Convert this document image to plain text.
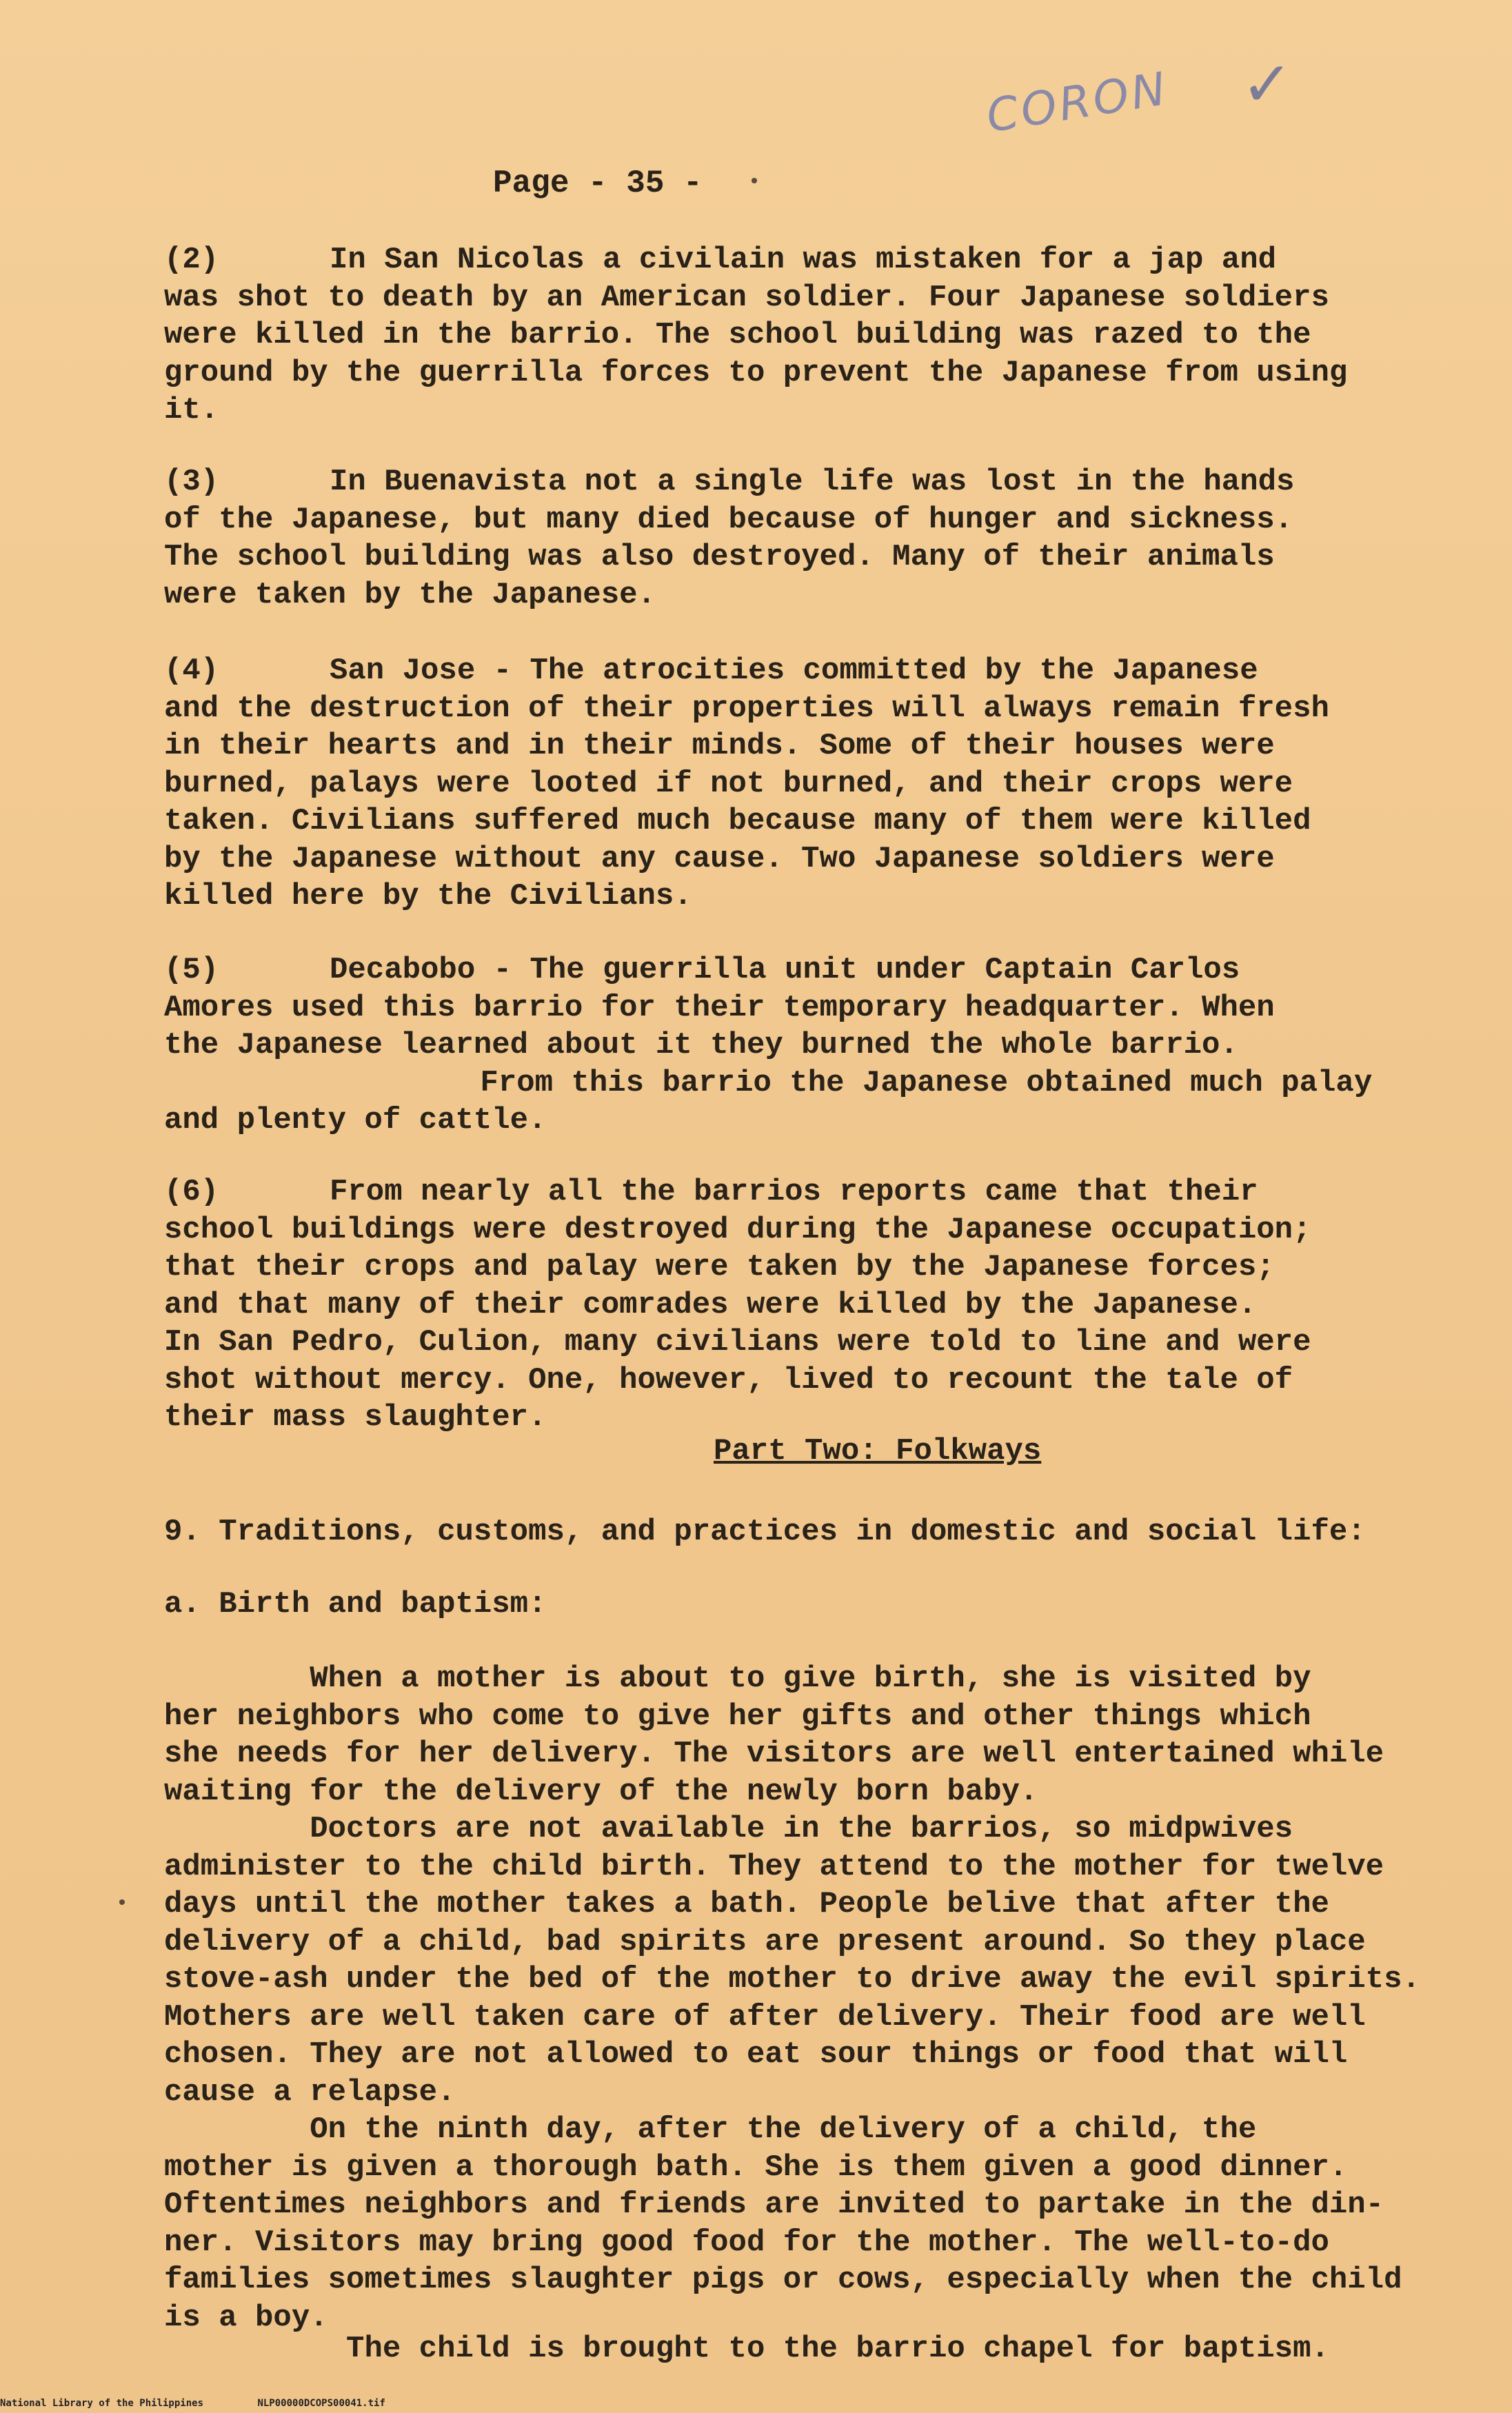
CORON ✓
Page - 35 -
(2)	In San Nicolas a civilain was mistaken for a jap and
was shot to death by an American soldier. Four Japanese soldiers
were killed in the barrio. The school building was razed to the
ground by the guerrilla forces to prevent the Japanese from using
it.
(3)	In Buenavista not a single life was lost in the hands
of the Japanese, but many died because of hunger and sickness.
The school building was also destroyed. Many of their animals
were taken by the Japanese.
(4)	San Jose - The atrocities committed by the Japanese
and the destruction of their properties will always remain fresh
in their hearts and in their minds. Some of their houses were
burned, palays were looted if not burned, and their crops were
taken. Civilians suffered much because many of them were killed
by the Japanese without any cause. Two Japanese soldiers were
killed here by the Civilians.
(5)	Decabobo - The guerrilla unit under Captain Carlos
Amores used this barrio for their temporary headquarter. When
the Japanese learned about it they burned the whole barrio.
From this barrio the Japanese obtained much palay
and plenty of cattle.
(6)	From nearly all the barrios reports came that their
school buildings were destroyed during the Japanese occupation;
that their crops and palay were taken by the Japanese forces;
and that many of their comrades were killed by the Japanese.
In San Pedro, Culion, many civilians were told to line and were
shot without mercy. One, however, lived to recount the tale of
their mass slaughter.
Part Two: Folkways
9. Traditions, customs, and practices in domestic and social life:
a. Birth and baptism:
When a mother is about to give birth, she is visited by
her neighbors who come to give her gifts and other things which
she needs for her delivery. The visitors are well entertained while
waiting for the delivery of the newly born baby.
Doctors are not available in the barrios, so midpwives
administer to the child birth. They attend to the mother for twelve
days until the mother takes a bath. People belive that after the
delivery of a child, bad spirits are present around. So they place
stove-ash under the bed of the mother to drive away the evil spirits.
Mothers are well taken care of after delivery. Their food are well
chosen. They are not allowed to eat sour things or food that will
cause a relapse.
On the ninth day, after the delivery of a child, the
mother is given a thorough bath. She is them given a good dinner.
Oftentimes neighbors and friends are invited to partake in the din-
ner. Visitors may bring good food for the mother. The well-to-do
families sometimes slaughter pigs or cows, especially when the child
is a boy.
The child is brought to the barrio chapel for baptism.
•
•
National Library of the Philippines	NLP00000DCOPS00041.tif
